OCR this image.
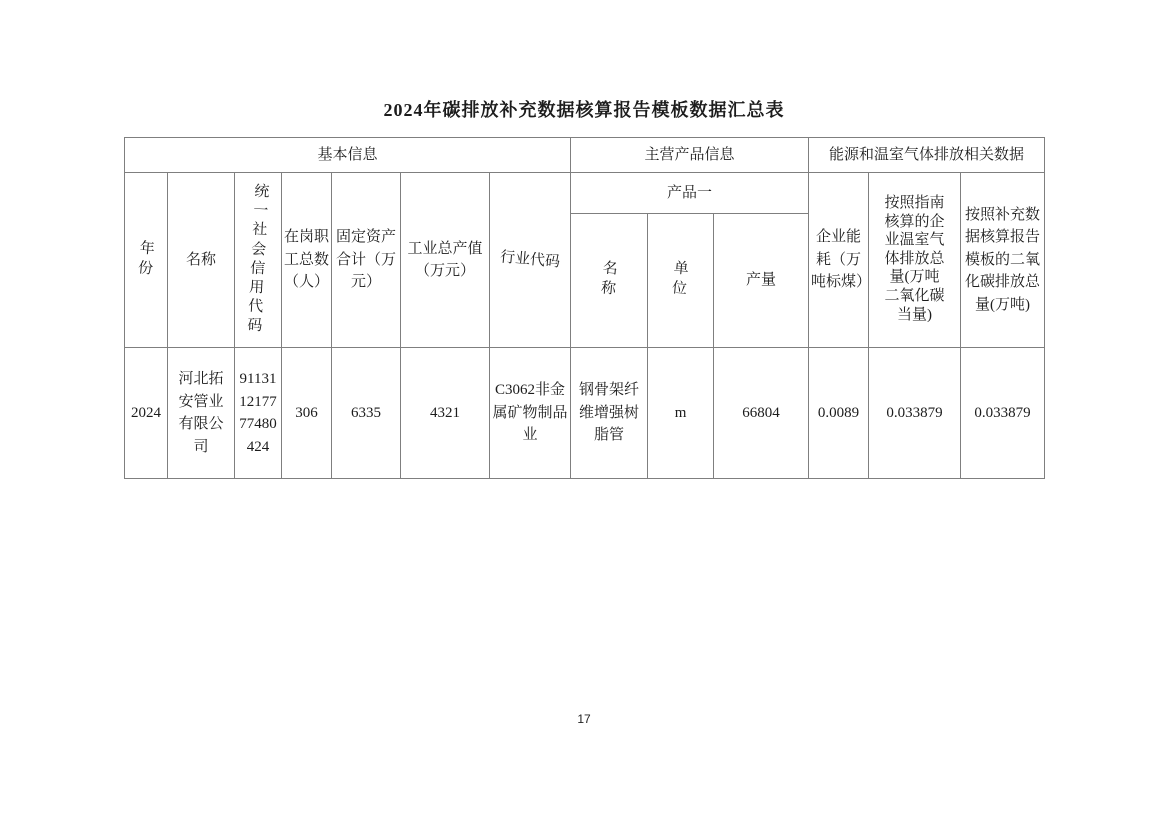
2024年碳排放补充数据核算报告模板数据汇总表
基本信息							主营产品信息			能源和温室气体排放相关数据		
年份	名称	统一社会信用代码	在岗职工总数（人）	固定资产合计（万元）	工业总产值（万元）	行业代码	产品一			企业能耗（万吨标煤）	按照指南核算的企业温室气体排放总量(万吨二氧化碳当量)	按照补充数据核算报告模板的二氧化碳排放总量(万吨)
							名称	单位	产量			
2024	河北拓安管业有限公司	911311217777480424	306	6335	4321	C3062非金属矿物制品业	钢骨架纤维增强树脂管	m	66804	0.0089	0.033879	0.033879
17
